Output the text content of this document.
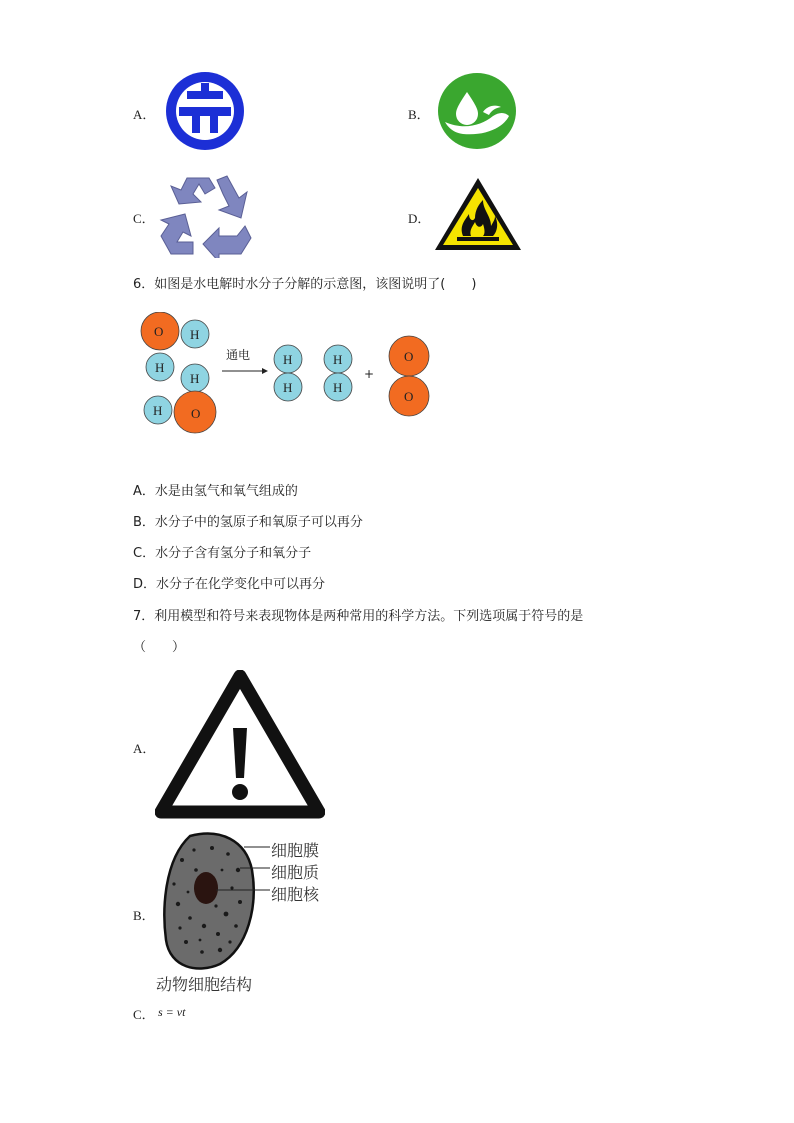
A．	B．
C．	D．
6．如图是水电解时水分子分解的示意图，该图说明了(　　)
O H
H
H
H O
通电	H
H
H
H
+
O
O
A．水是由氢气和氧气组成的
B．水分子中的氢原子和氧原子可以再分
C．水分子含有氢分子和氧分子
D．水分子在化学变化中可以再分
7．利用模型和符号来表现物体是两种常用的科学方法。下列选项属于符号的是
（　　）
A．
B．
细胞膜
细胞质
细胞核
动物细胞结构
C． s = vt
